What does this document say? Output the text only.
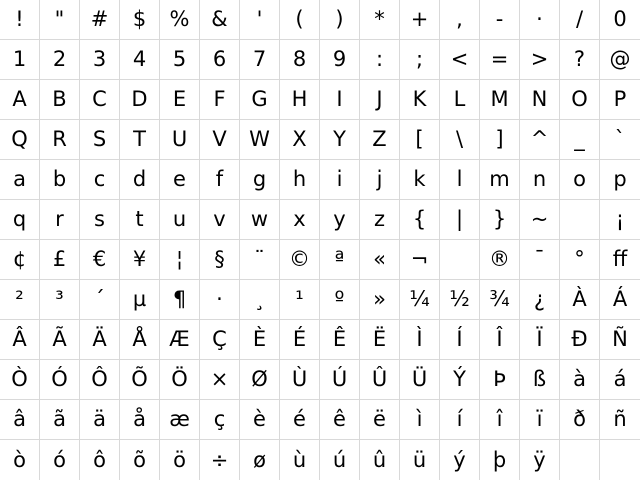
! " # $ % & ' ( ) * + , - · / 0
1 2 3 4 5 6 7 8 9 : ; < = > ? @
A B C D E F G H I J K L M N O P
Q R S T U V W X Y Z [ \ ] ^ _ `
a b c d e f g h i j k l m n o p
q r s t u v w x y z { | } ~	¡
¢ £ € ¥ ¦ § ¨ © ª « ¬	® ¯ ° ﬀ
² ³ ´ µ ¶ · ¸ ¹ º » ¼ ½ ¾ ¿ À Á
Â Ã Ä Å Æ Ç È É Ê Ë Ì Í Î Ï Ð Ñ
Ò Ó Ô Õ Ö × Ø Ù Ú Û Ü Ý Þ ß à á
â ã ä å æ ç è é ê ë ì í î ï ð ñ
ò ó ô õ ö ÷ ø ù ú û ü ý þ ÿ
